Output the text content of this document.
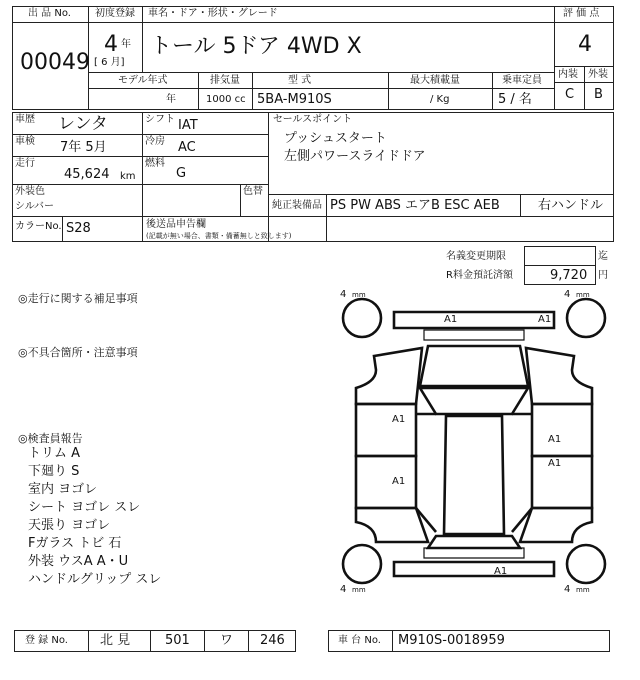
出 品 No.
00049
初度登録
4 年
[ 6 月]
車名・ドア・形状・グレード
トール 5ドア 4WD X
評 価 点
4
内装 外装
C B
モデル年式
年
排気量
1000 cc
型 式
5BA-M910S
最大積載量
/ Kg
乗車定員
5 / 名
車歴 レンタ	シフト IAT
車検 7年 5月	冷房 AC
走行
45,624 km
燃料
G
セールスポイント
プッシュスタート
左側パワースライドドア
外装色
シルバー
色替
純正装備品 PS PW ABS エアB ESC AEB	右ハンドル
カラーNo. S28	後送品申告欄
(記載が無い場合、書類・備蓄無しと致します)
名義変更期限	迄
R料金預託済額	9,720 円
◎走行に関する補足事項
◎不具合箇所・注意事項
◎検査員報告
トリム A
下廻り S
室内 ヨゴレ
シート ヨゴレ スレ
天張り ヨゴレ
Fガラス トビ 石
外装 ウスA A・U
ハンドルグリップ スレ
4 mm	4 mm
4 mm	4 mm
A1	A1
A1
A1
A1
A1
A1
登 録 No. 北 見	501 ワ 246	車 台 No. M910S-0018959
